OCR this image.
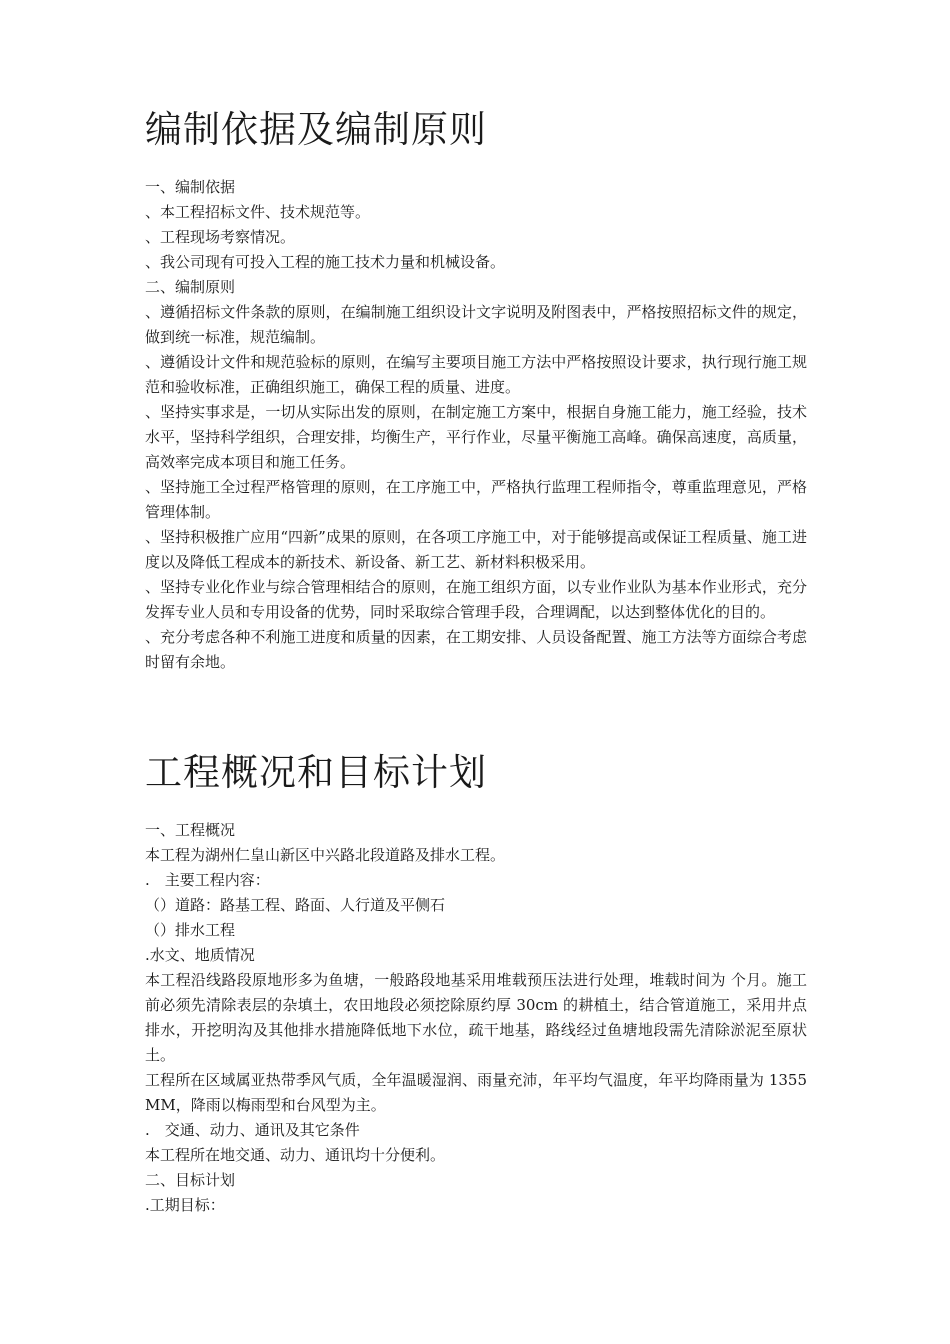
编制依据及编制原则

一、编制依据

、本工程招标文件、技术规范等。

、工程现场考察情况。

、我公司现有可投入工程的施工技术力量和机械设备。

二、编制原则

、遵循招标文件条款的原则，在编制施工组织设计文字说明及附图表中，严格按照招标文件的规定，做到统一标准，规范编制。

、遵循设计文件和规范验标的原则，在编写主要项目施工方法中严格按照设计要求，执行现行施工规范和验收标准，正确组织施工，确保工程的质量、进度。

、坚持实事求是，一切从实际出发的原则，在制定施工方案中，根据自身施工能力，施工经验，技术水平，坚持科学组织，合理安排，均衡生产，平行作业，尽量平衡施工高峰。确保高速度，高质量，高效率完成本项目和施工任务。

、坚持施工全过程严格管理的原则，在工序施工中，严格执行监理工程师指令，尊重监理意见，严格管理体制。

、坚持积极推广应用“四新”成果的原则，在各项工序施工中，对于能够提高或保证工程质量、施工进度以及降低工程成本的新技术、新设备、新工艺、新材料积极采用。

、坚持专业化作业与综合管理相结合的原则，在施工组织方面，以专业作业队为基本作业形式，充分发挥专业人员和专用设备的优势，同时采取综合管理手段，合理调配，以达到整体优化的目的。

、充分考虑各种不利施工进度和质量的因素，在工期安排、人员设备配置、施工方法等方面综合考虑时留有余地。

工程概况和目标计划

一、工程概况

本工程为湖州仁皇山新区中兴路北段道路及排水工程。

.　主要工程内容：

（）道路：路基工程、路面、人行道及平侧石

（）排水工程

.水文、地质情况

本工程沿线路段原地形多为鱼塘，一般路段地基采用堆载预压法进行处理，堆载时间为 个月。施工前必须先清除表层的杂填土，农田地段必须挖除原约厚 30cm 的耕植土，结合管道施工，采用井点排水，开挖明沟及其他排水措施降低地下水位，疏干地基，路线经过鱼塘地段需先清除淤泥至原状土。

工程所在区域属亚热带季风气质，全年温暖湿润、雨量充沛，年平均气温度，年平均降雨量为 1355MM，降雨以梅雨型和台风型为主。

.　交通、动力、通讯及其它条件

本工程所在地交通、动力、通讯均十分便利。

二、目标计划

.工期目标：
